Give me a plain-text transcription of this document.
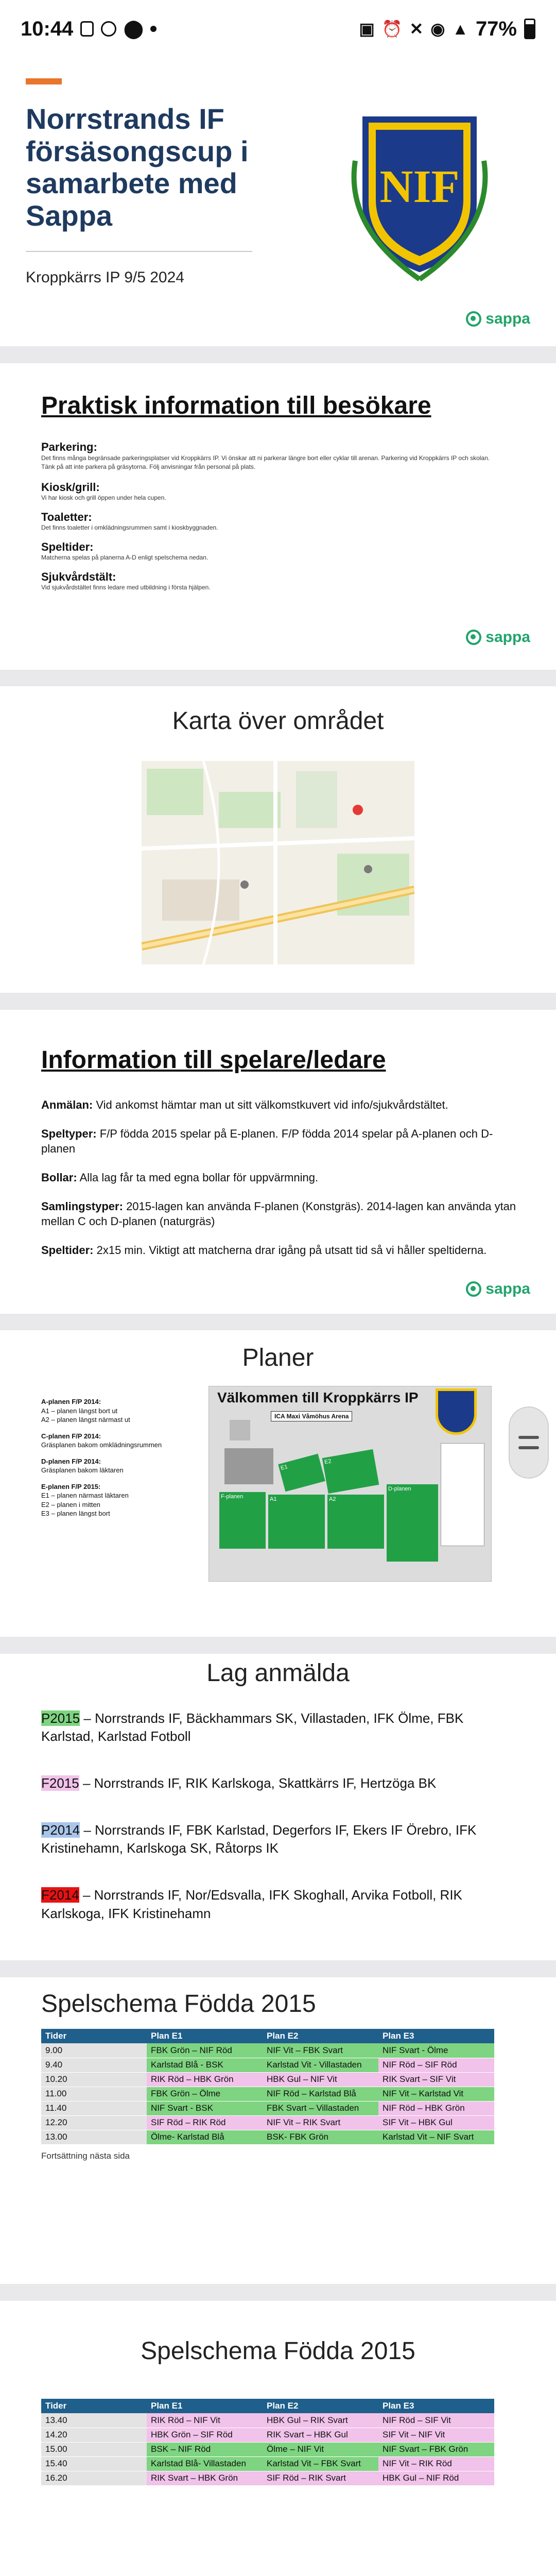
10:44	⬤	▣ ⏰ ✕ ◉ ▲ 77%
Norrstrands IF försäsongscup i samarbete med Sappa
Kroppkärrs IP 9/5 2024
NIF
sappa
Praktisk information till besökare
Parkering:
Det finns många begränsade parkeringsplatser vid Kroppkärrs IP. Vi önskar att ni parkerar längre bort eller cyklar till arenan. Parkering vid Kroppkärrs IP och skolan. Tänk på att inte parkera på gräsytorna. Följ anvisningar från personal på plats.
Kiosk/grill:
Vi har kiosk och grill öppen under hela cupen.
Toaletter:
Det finns toaletter i omklädningsrummen samt i kioskbyggnaden.
Speltider:
Matcherna spelas på planerna A-D enligt spelschema nedan.
Sjukvårdstält:
Vid sjukvårdstältet finns ledare med utbildning i första hjälpen.
sappa
Karta över området
Information till spelare/ledare

Anmälan: Vid ankomst hämtar man ut sitt välkomstkuvert vid info/sjukvårdstältet.

Speltyper: F/P födda 2015 spelar på E-planen. F/P födda 2014 spelar på A-planen och D-planen

Bollar: Alla lag får ta med egna bollar för uppvärmning.

Samlingstyper: 2015-lagen kan använda F-planen (Konstgräs). 2014-lagen kan använda ytan mellan C och D-planen (naturgräs)

Speltider: 2x15 min. Viktigt att matcherna drar igång på utsatt tid så vi håller speltiderna.

sappa
Planer
A-planen F/P 2014:
A1 – planen längst bort ut
A2 – planen längst närmast ut
C-planen F/P 2014:
Gräsplanen bakom omklädningsrummen
D-planen F/P 2014:
Gräsplanen bakom läktaren
E-planen F/P 2015:
E1 – planen närmast läktaren
E2 – planen i mitten
E3 – planen längst bort
Välkommen till Kroppkärrs IP
ICA Maxi Våmöhus Arena
E1
E2
F-planen	A1	A2
D-planen
Lag anmälda

P2015 – Norrstrands IF, Bäckhammars SK, Villastaden, IFK Ölme, FBK Karlstad, Karlstad Fotboll

F2015 – Norrstrands IF, RIK Karlskoga, Skattkärrs IF, Hertzöga BK

P2014 – Norrstrands IF, FBK Karlstad, Degerfors IF, Ekers IF Örebro, IFK Kristinehamn, Karlskoga SK, Råtorps IK

F2014 – Norrstrands IF, Nor/Edsvalla, IFK Skoghall, Arvika Fotboll, RIK Karlskoga, IFK Kristinehamn

Spelschema Födda 2015
Tider	Plan E1	Plan E2	Plan E3
9.00	FBK Grön – NIF Röd	NIF Vit – FBK Svart	NIF Svart - Ölme
9.40	Karlstad Blå - BSK	Karlstad Vit - Villastaden	NIF Röd – SIF Röd
10.20	RIK Röd – HBK Grön	HBK Gul – NIF Vit	RIK Svart – SIF Vit
11.00	FBK Grön – Ölme	NIF Röd – Karlstad Blå	NIF Vit – Karlstad Vit
11.40	NIF Svart - BSK	FBK Svart – Villastaden	NIF Röd – HBK Grön
12.20	SIF Röd – RIK Röd	NIF Vit – RIK Svart	SIF Vit – HBK Gul
13.00	Ölme- Karlstad Blå	BSK- FBK Grön	Karlstad Vit – NIF Svart
Fortsättning nästa sida
Spelschema Födda 2015
Tider	Plan E1	Plan E2	Plan E3
13.40	RIK Röd – NIF Vit	HBK Gul – RIK Svart	NIF Röd – SIF Vit
14.20	HBK Grön – SIF Röd	RIK Svart – HBK Gul	SIF Vit – NIF Vit
15.00	BSK – NIF Röd	Ölme – NIF Vit	NIF Svart – FBK Grön
15.40	Karlstad Blå- Villastaden	Karlstad Vit – FBK Svart	NIF Vit – RIK Röd
16.20	RIK Svart – HBK Grön	SIF Röd – RIK Svart	HBK Gul – NIF Röd
